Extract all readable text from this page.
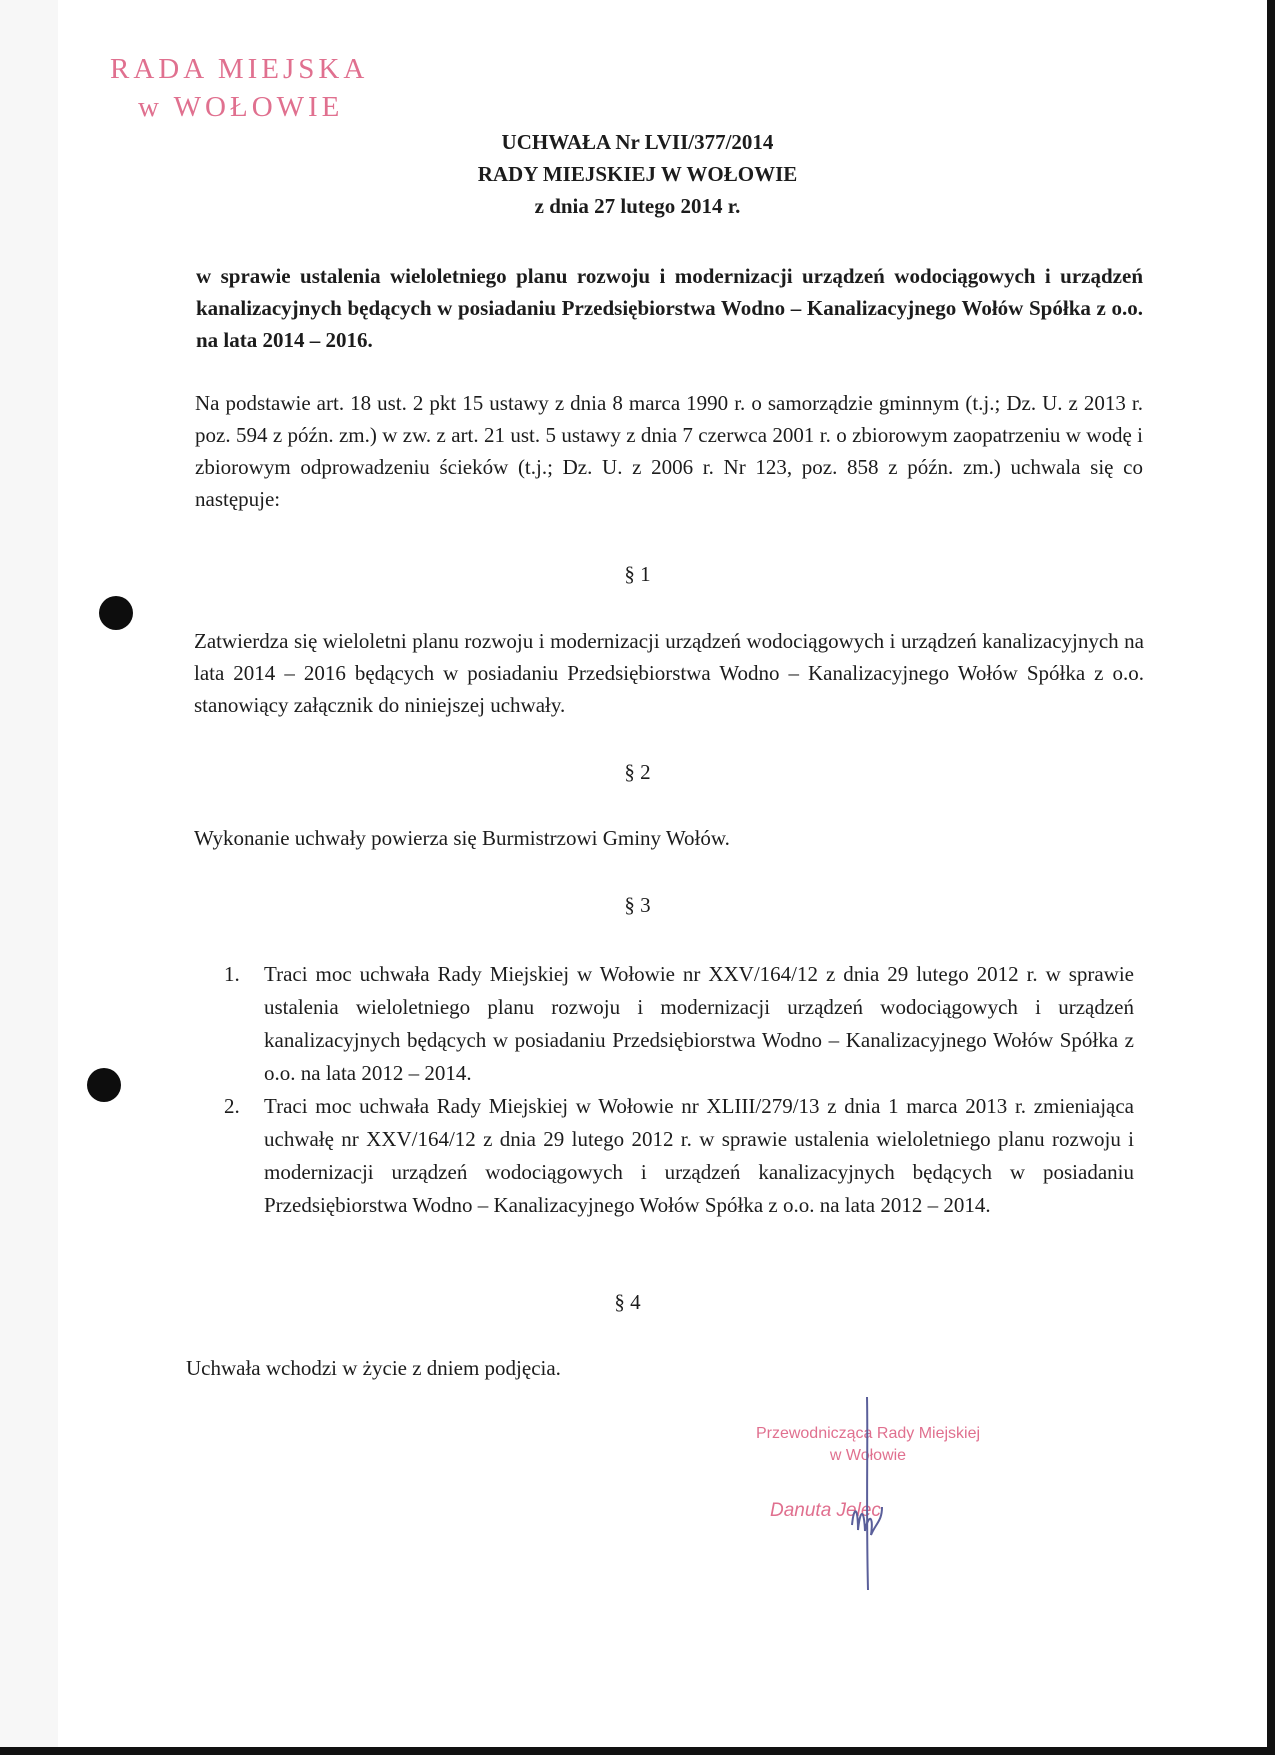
RADA MIEJSKA
w WOŁOWIE
UCHWAŁA Nr LVII/377/2014
RADY MIEJSKIEJ W WOŁOWIE
z dnia 27 lutego 2014 r.
w sprawie ustalenia wieloletniego planu rozwoju i modernizacji urządzeń wodociągowych i urządzeń kanalizacyjnych będących w posiadaniu Przedsiębiorstwa Wodno – Kanalizacyjnego Wołów Spółka z o.o. na lata 2014 – 2016.
Na podstawie art. 18 ust. 2 pkt 15 ustawy z dnia 8 marca 1990 r. o samorządzie gminnym (t.j.; Dz. U. z 2013 r. poz. 594 z późn. zm.) w zw. z art. 21 ust. 5 ustawy z dnia 7 czerwca 2001 r. o zbiorowym zaopatrzeniu w wodę i zbiorowym odprowadzeniu ścieków (t.j.; Dz. U. z 2006 r. Nr 123, poz. 858 z późn. zm.) uchwala się co następuje:
§ 1
Zatwierdza się wieloletni planu rozwoju i modernizacji urządzeń wodociągowych i urządzeń kanalizacyjnych na lata 2014 – 2016 będących w posiadaniu Przedsiębiorstwa Wodno – Kanalizacyjnego Wołów Spółka z o.o. stanowiący załącznik do niniejszej uchwały.
§ 2
Wykonanie uchwały powierza się Burmistrzowi Gminy Wołów.
§ 3
1.	Traci moc uchwała Rady Miejskiej w Wołowie nr XXV/164/12 z dnia 29 lutego 2012 r. w sprawie ustalenia wieloletniego planu rozwoju i modernizacji urządzeń wodociągowych i urządzeń kanalizacyjnych będących w posiadaniu Przedsiębiorstwa Wodno – Kanalizacyjnego Wołów Spółka z o.o. na lata 2012 – 2014.
2.	Traci moc uchwała Rady Miejskiej w Wołowie nr XLIII/279/13 z dnia 1 marca 2013 r. zmieniająca uchwałę nr XXV/164/12 z dnia 29 lutego 2012 r. w sprawie ustalenia wieloletniego planu rozwoju i modernizacji urządzeń wodociągowych i urządzeń kanalizacyjnych będących w posiadaniu Przedsiębiorstwa Wodno – Kanalizacyjnego Wołów Spółka z o.o. na lata 2012 – 2014.
§ 4
Uchwała wchodzi w życie z dniem podjęcia.
Przewodnicząca Rady Miejskiej
w Wołowie
Danuta Jelec
